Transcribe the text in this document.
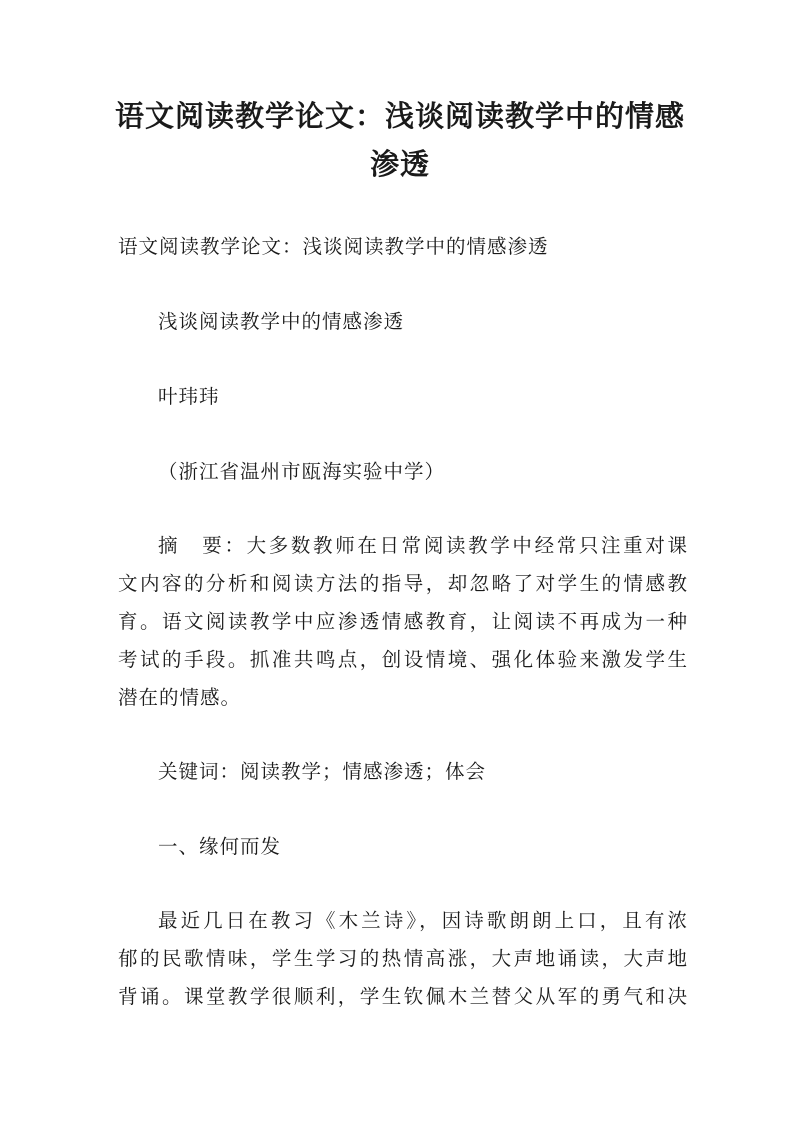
语文阅读教学论文：浅谈阅读教学中的情感
渗透

语文阅读教学论文：浅谈阅读教学中的情感渗透

浅谈阅读教学中的情感渗透

叶玮玮

（浙江省温州市瓯海实验中学）

摘　要：大多数教师在日常阅读教学中经常只注重对课
文内容的分析和阅读方法的指导，却忽略了对学生的情感教
育。语文阅读教学中应渗透情感教育，让阅读不再成为一种
考试的手段。抓准共鸣点，创设情境、强化体验来激发学生
潜在的情感。

关键词：阅读教学；情感渗透；体会

一、缘何而发

最近几日在教习《木兰诗》，因诗歌朗朗上口，且有浓
郁的民歌情味，学生学习的热情高涨，大声地诵读，大声地
背诵。课堂教学很顺利，学生钦佩木兰替父从军的勇气和决
